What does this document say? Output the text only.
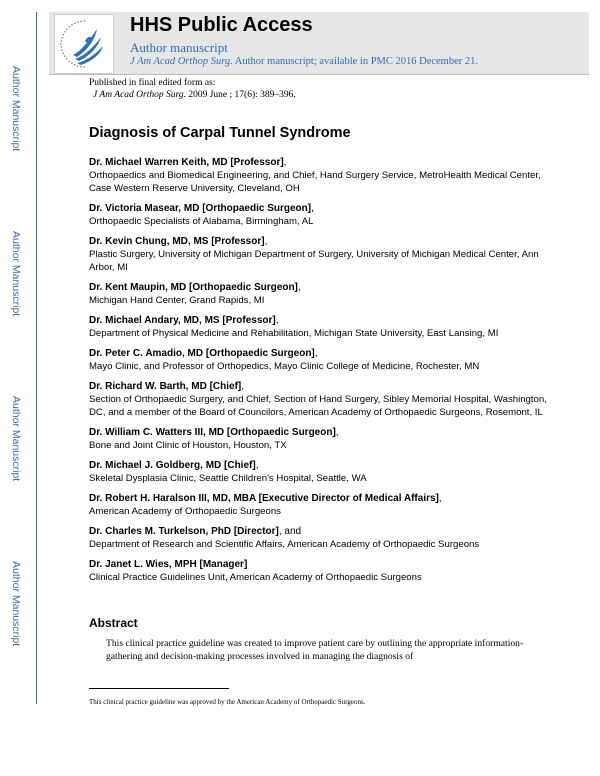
Author Manuscript
Author Manuscript
Author Manuscript
Author Manuscript
HHS Public Access
Author manuscript
J Am Acad Orthop Surg. Author manuscript; available in PMC 2016 December 21.
Published in final edited form as:
J Am Acad Orthop Surg. 2009 June ; 17(6): 389–396.
Diagnosis of Carpal Tunnel Syndrome
Dr. Michael Warren Keith, MD [Professor],
Orthopaedics and Biomedical Engineering, and Chief, Hand Surgery Service, MetroHealth Medical Center, Case Western Reserve University, Cleveland, OH
Dr. Victoria Masear, MD [Orthopaedic Surgeon],
Orthopaedic Specialists of Alabama, Birmingham, AL
Dr. Kevin Chung, MD, MS [Professor],
Plastic Surgery, University of Michigan Department of Surgery, University of Michigan Medical Center, Ann Arbor, MI
Dr. Kent Maupin, MD [Orthopaedic Surgeon],
Michigan Hand Center, Grand Rapids, MI
Dr. Michael Andary, MD, MS [Professor],
Department of Physical Medicine and Rehabilitation, Michigan State University, East Lansing, MI
Dr. Peter C. Amadio, MD [Orthopaedic Surgeon],
Mayo Clinic, and Professor of Orthopedics, Mayo Clinic College of Medicine, Rochester, MN
Dr. Richard W. Barth, MD [Chief],
Section of Orthopaedic Surgery, and Chief, Section of Hand Surgery, Sibley Memorial Hospital, Washington, DC, and a member of the Board of Councilors, American Academy of Orthopaedic Surgeons, Rosemont, IL
Dr. William C. Watters III, MD [Orthopaedic Surgeon],
Bone and Joint Clinic of Houston, Houston, TX
Dr. Michael J. Goldberg, MD [Chief],
Skeletal Dysplasia Clinic, Seattle Children's Hospital, Seattle, WA
Dr. Robert H. Haralson III, MD, MBA [Executive Director of Medical Affairs],
American Academy of Orthopaedic Surgeons
Dr. Charles M. Turkelson, PhD [Director], and
Department of Research and Scientific Affairs, American Academy of Orthopaedic Surgeons
Dr. Janet L. Wies, MPH [Manager]
Clinical Practice Guidelines Unit, American Academy of Orthopaedic Surgeons
Abstract
This clinical practice guideline was created to improve patient care by outlining the appropriate information-gathering and decision-making processes involved in managing the diagnosis of
This clinical practice guideline was approved by the American Academy of Orthopaedic Surgeons.
